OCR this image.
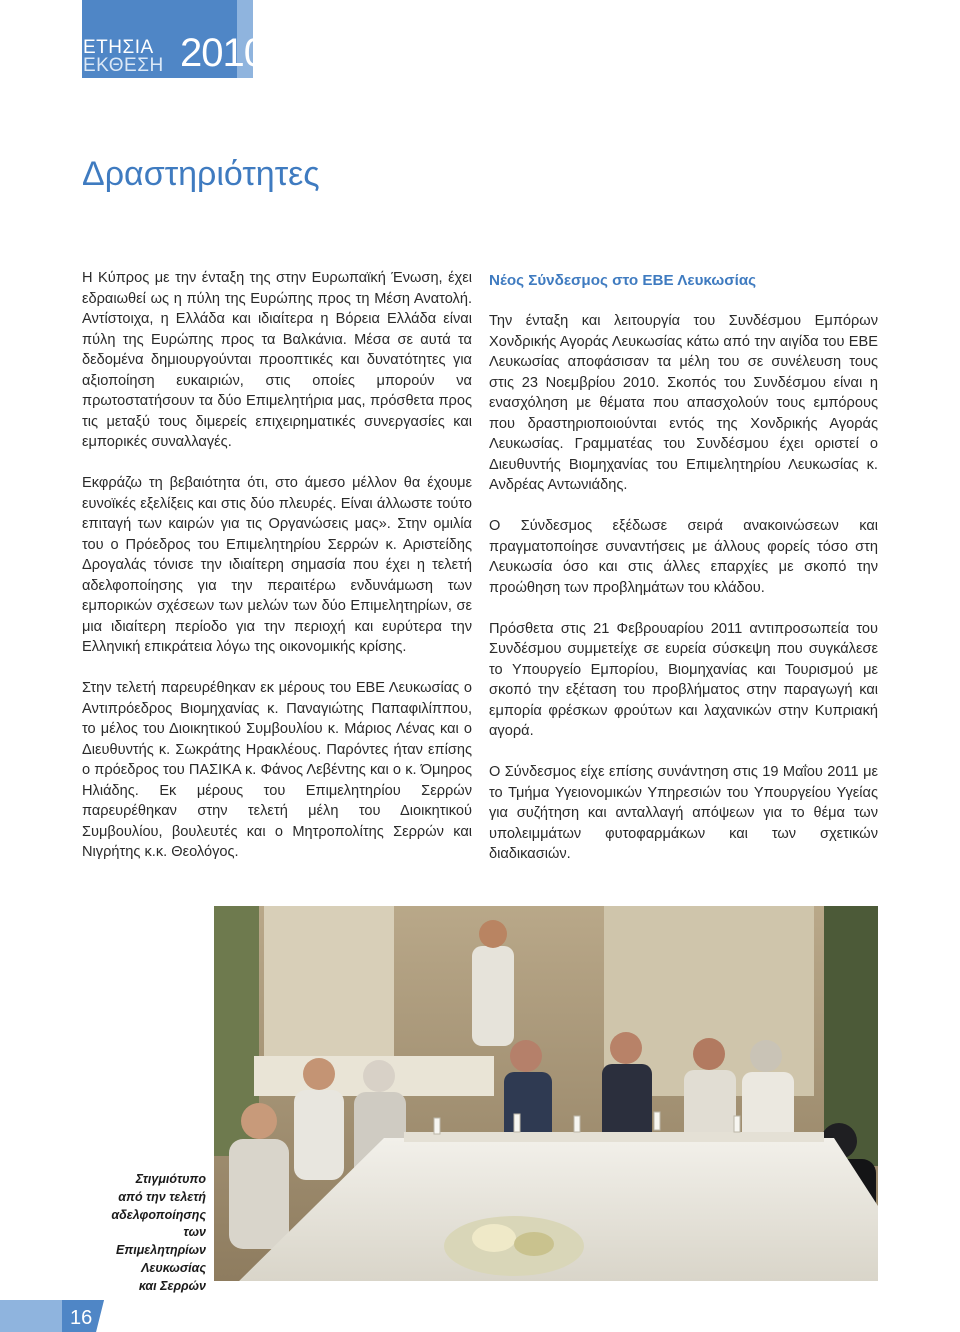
ΕΤΗΣΙΑ
ΕΚΘΕΣΗ 2010
Δραστηριότητες

Η Κύπρος με την ένταξη της στην Ευρωπαϊκή Ένωση, έχει εδραιωθεί ως η πύλη της Ευρώπης προς τη Μέση Ανατολή. Αντίστοιχα, η Ελλάδα και ιδιαίτερα η Βόρεια Ελλάδα είναι πύλη της Ευρώπης προς τα Βαλκάνια. Μέσα σε αυτά τα δεδομένα δημιουργούνται προοπτικές και δυνατότητες για αξιοποίηση ευκαιριών, στις οποίες μπορούν να πρωτοστατήσουν τα δύο Επιμελητήρια μας, πρόσθετα προς τις μεταξύ τους διμερείς επιχειρηματικές συνεργασίες και εμπορικές συναλλαγές.

Εκφράζω τη βεβαιότητα ότι, στο άμεσο μέλλον θα έχουμε ευνοϊκές εξελίξεις και στις δύο πλευρές. Είναι άλλωστε τούτο επιταγή των καιρών για τις Οργανώσεις μας». Στην ομιλία του ο Πρόεδρος του Επιμελητηρίου Σερρών κ. Αριστείδης Δρογαλάς τόνισε την ιδιαίτερη σημασία που έχει η τελετή αδελφοποίησης για την περαιτέρω ενδυνάμωση των εμπορικών σχέσεων των μελών των δύο Επιμελητηρίων, σε μια ιδιαίτερη περίοδο για την περιοχή και ευρύτερα την Ελληνική επικράτεια λόγω της οικονομικής κρίσης.

Στην τελετή παρευρέθηκαν εκ μέρους του ΕΒΕ Λευκωσίας ο Αντιπρόεδρος Βιομηχανίας κ. Παναγιώτης Παπαφιλίππου, το μέλος του Διοικητικού Συμβουλίου κ. Μάριος Λένας και ο Διευθυντής κ. Σωκράτης Ηρακλέους. Παρόντες ήταν επίσης ο πρόεδρος του ΠΑΣΙΚΑ κ. Φάνος Λεβέντης και ο κ. Όμηρος Ηλιάδης. Εκ μέρους του Επιμελητηρίου Σερρών παρευρέθηκαν στην τελετή μέλη του Διοικητικού Συμβουλίου, βουλευτές και ο Μητροπολίτης Σερρών και Νιγρήτης κ.κ. Θεολόγος.

Νέος Σύνδεσμος στο ΕΒΕ Λευκωσίας

Την ένταξη και λειτουργία του Συνδέσμου Εμπόρων Χονδρικής Αγοράς Λευκωσίας κάτω από την αιγίδα του ΕΒΕ Λευκωσίας αποφάσισαν τα μέλη του σε συνέλευση τους στις 23 Νοεμβρίου 2010. Σκοπός του Συνδέσμου είναι η ενασχόληση με θέματα που απασχολούν τους εμπόρους που δραστηριοποιούνται εντός της Χονδρικής Αγοράς Λευκωσίας. Γραμματέας του Συνδέσμου έχει οριστεί ο Διευθυντής Βιομηχανίας του Επιμελητηρίου Λευκωσίας κ. Ανδρέας Αντωνιάδης.

Ο Σύνδεσμος εξέδωσε σειρά ανακοινώσεων και πραγματοποίησε συναντήσεις με άλλους φορείς τόσο στη Λευκωσία όσο και στις άλλες επαρχίες με σκοπό την προώθηση των προβλημάτων του κλάδου.

Πρόσθετα στις 21 Φεβρουαρίου 2011 αντιπροσωπεία του Συνδέσμου συμμετείχε σε ευρεία σύσκεψη που συγκάλεσε το Υπουργείο Εμπορίου, Βιομηχανίας και Τουρισμού με σκοπό την εξέταση του προβλήματος στην παραγωγή και εμπορία φρέσκων φρούτων και λαχανικών στην Κυπριακή αγορά.

Ο Σύνδεσμος είχε επίσης συνάντηση στις 19 Μαΐου 2011 με το Τμήμα Υγειονομικών Υπηρεσιών του Υπουργείου Υγείας για συζήτηση και ανταλλαγή απόψεων για το θέμα των υπολειμμάτων φυτοφαρμάκων και των σχετικών διαδικασιών.

Στιγμιότυπο
από την τελετή
αδελφοποίησης
των Επιμελητηρίων
Λευκωσίας
και Σερρών
16
